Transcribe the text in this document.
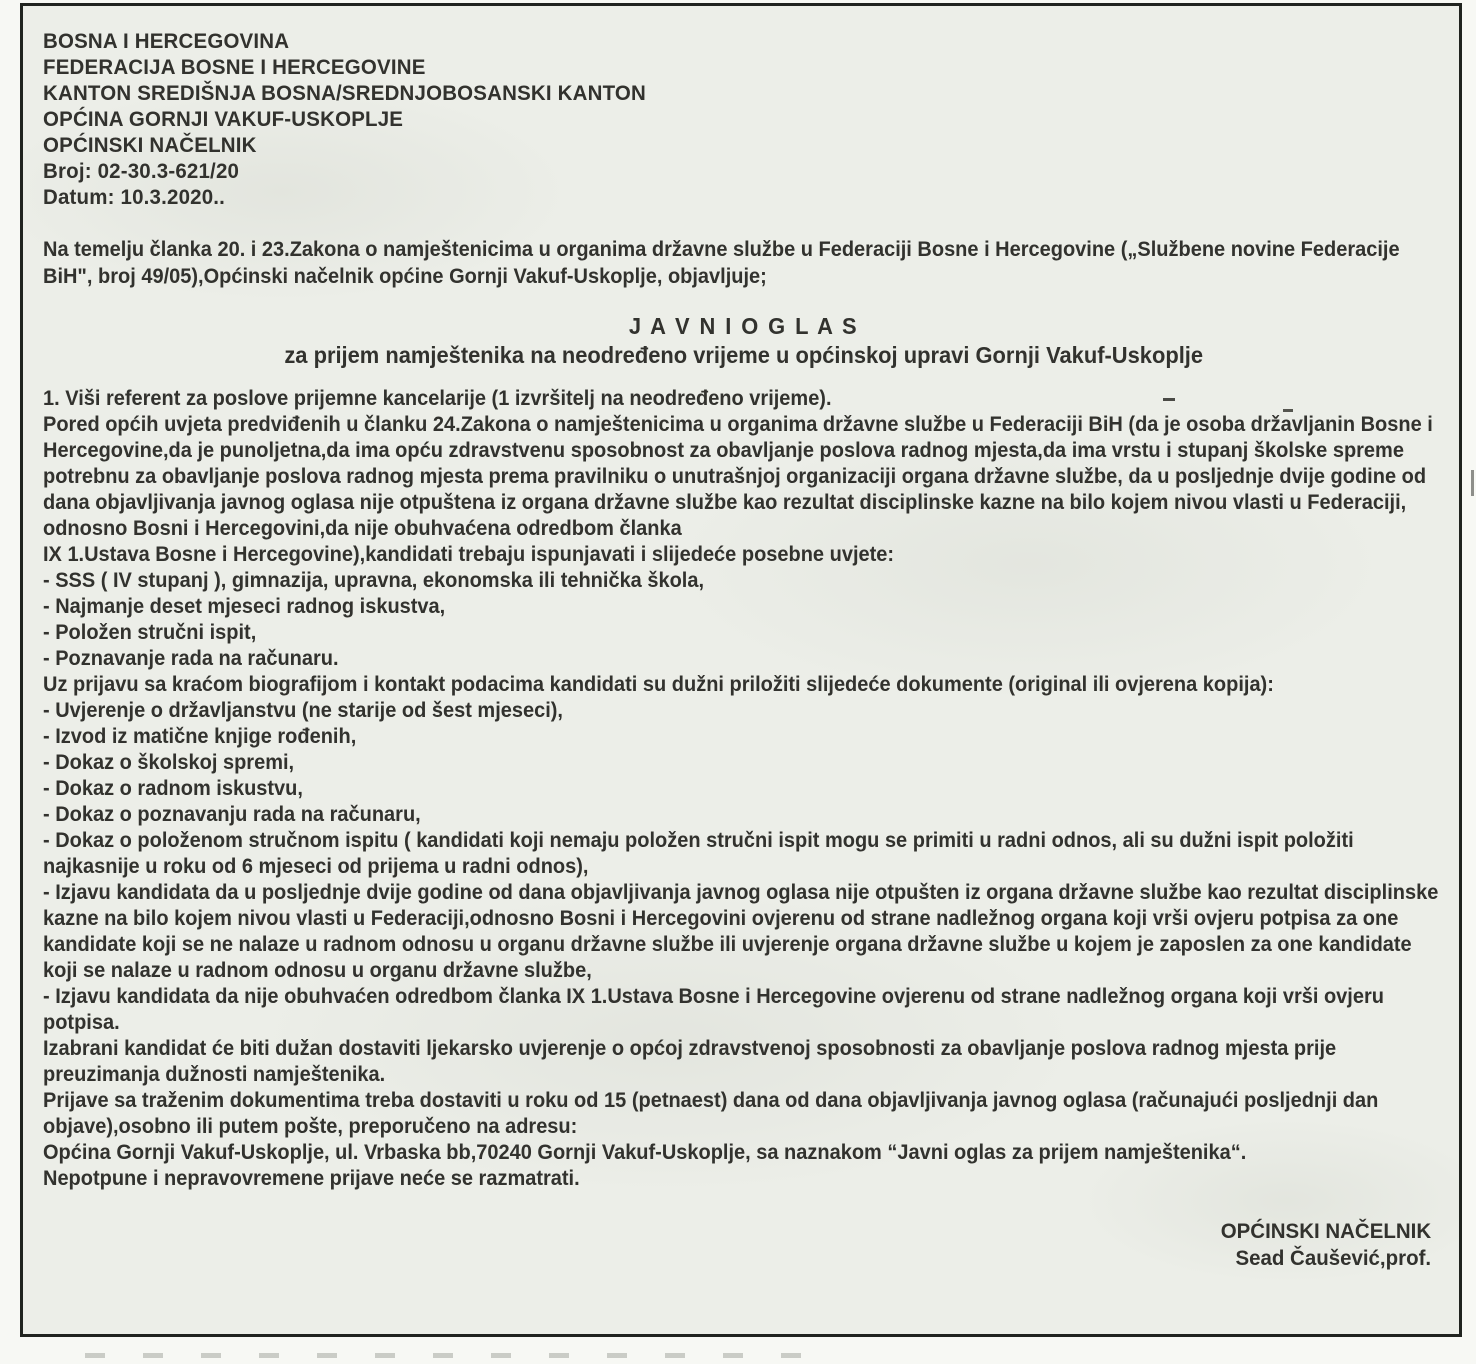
BOSNA I HERCEGOVINA
FEDERACIJA BOSNE I HERCEGOVINE
KANTON SREDIŠNJA BOSNA/SREDNJOBOSANSKI KANTON
OPĆINA GORNJI VAKUF-USKOPLJE
OPĆINSKI NAČELNIK
Broj: 02-30.3-621/20
Datum: 10.3.2020..

Na temelju članka 20. i 23.Zakona o namještenicima u organima državne službe u Federaciji Bosne i Hercegovine („Službene novine Federacije BiH", broj 49/05),Općinski načelnik općine Gornji Vakuf-Uskoplje, objavljuje;

J A V N I O G L A S
za prijem namještenika na neodređeno vrijeme u općinskoj upravi Gornji Vakuf-Uskoplje

1. Viši referent za poslove prijemne kancelarije (1 izvršitelj na neodređeno vrijeme).

Pored općih uvjeta predviđenih u članku 24.Zakona o namještenicima u organima državne službe u Federaciji BiH (da je osoba državljanin Bosne i Hercegovine,da je punoljetna,da ima opću zdravstvenu sposobnost za obavljanje poslova radnog mjesta,da ima vrstu i stupanj školske spreme potrebnu za obavljanje poslova radnog mjesta prema pravilniku o unutrašnjoj organizaciji organa državne službe, da u posljednje dvije godine od dana objavljivanja javnog oglasa nije otpuštena iz organa državne službe kao rezultat disciplinske kazne na bilo kojem nivou vlasti u Federaciji, odnosno Bosni i Hercegovini,da nije obuhvaćena odredbom članka

IX 1.Ustava Bosne i Hercegovine),kandidati trebaju ispunjavati i slijedeće posebne uvjete:

- SSS ( IV stupanj ), gimnazija, upravna, ekonomska ili tehnička škola,

- Najmanje deset mjeseci radnog iskustva,

- Položen stručni ispit,

- Poznavanje rada na računaru.

Uz prijavu sa kraćom biografijom i kontakt podacima kandidati su dužni priložiti slijedeće dokumente (original ili ovjerena kopija):

- Uvjerenje o državljanstvu (ne starije od šest mjeseci),

- Izvod iz matične knjige rođenih,

- Dokaz o školskoj spremi,

- Dokaz o radnom iskustvu,

- Dokaz o poznavanju rada na računaru,

- Dokaz o položenom stručnom ispitu ( kandidati koji nemaju položen stručni ispit mogu se primiti u radni odnos, ali su dužni ispit položiti najkasnije u roku od 6 mjeseci od prijema u radni odnos),

- Izjavu kandidata da u posljednje dvije godine od dana objavljivanja javnog oglasa nije otpušten iz organa državne službe kao rezultat disciplinske kazne na bilo kojem nivou vlasti u Federaciji,odnosno Bosni i Hercegovini ovjerenu od strane nadležnog organa koji vrši ovjeru potpisa za one kandidate koji se ne nalaze u radnom odnosu u organu državne službe ili uvjerenje organa državne službe u kojem je zaposlen za one kandidate koji se nalaze u radnom odnosu u organu državne službe,

- Izjavu kandidata da nije obuhvaćen odredbom članka IX 1.Ustava Bosne i Hercegovine ovjerenu od strane nadležnog organa koji vrši ovjeru potpisa.

Izabrani kandidat će biti dužan dostaviti ljekarsko uvjerenje o općoj zdravstvenoj sposobnosti za obavljanje poslova radnog mjesta prije preuzimanja dužnosti namještenika.

Prijave sa traženim dokumentima treba dostaviti u roku od 15 (petnaest) dana od dana objavljivanja javnog oglasa (računajući posljednji dan objave),osobno ili putem pošte, preporučeno na adresu:

Općina Gornji Vakuf-Uskoplje, ul. Vrbaska bb,70240 Gornji Vakuf-Uskoplje, sa naznakom “Javni oglas za prijem namještenika“.

Nepotpune i nepravovremene prijave neće se razmatrati.

OPĆINSKI NAČELNIK
Sead Čaušević,prof.
